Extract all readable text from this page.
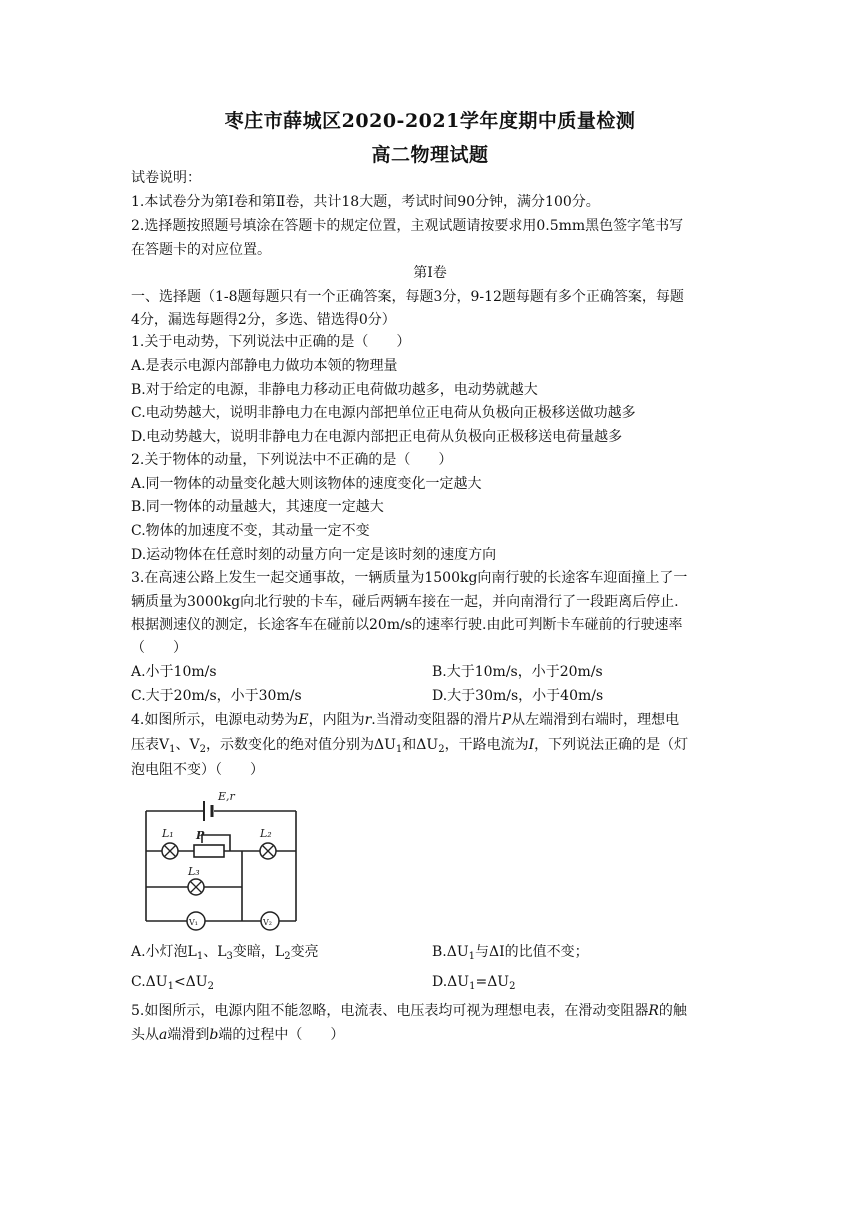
枣庄市薛城区2020-2021学年度期中质量检测
高二物理试题
试卷说明：
1.本试卷分为第Ⅰ卷和第Ⅱ卷，共计18大题，考试时间90分钟，满分100分。
2.选择题按照题号填涂在答题卡的规定位置，主观试题请按要求用0.5mm黑色签字笔书写
在答题卡的对应位置。
第Ⅰ卷
一、选择题（1-8题每题只有一个正确答案，每题3分，9-12题每题有多个正确答案，每题
4分，漏选每题得2分，多选、错选得0分）
1.关于电动势，下列说法中正确的是（　　）
A.是表示电源内部静电力做功本领的物理量
B.对于给定的电源，非静电力移动正电荷做功越多，电动势就越大
C.电动势越大，说明非静电力在电源内部把单位正电荷从负极向正极移送做功越多
D.电动势越大，说明非静电力在电源内部把正电荷从负极向正极移送电荷量越多
2.关于物体的动量，下列说法中不正确的是（　　）
A.同一物体的动量变化越大则该物体的速度变化一定越大
B.同一物体的动量越大，其速度一定越大
C.物体的加速度不变，其动量一定不变
D.运动物体在任意时刻的动量方向一定是该时刻的速度方向
3.在高速公路上发生一起交通事故，一辆质量为1500kg向南行驶的长途客车迎面撞上了一
辆质量为3000kg向北行驶的卡车，碰后两辆车接在一起，并向南滑行了一段距离后停止.
根据测速仪的测定，长途客车在碰前以20m/s的速率行驶.由此可判断卡车碰前的行驶速率
（　　）
A.小于10m/s	B.大于10m/s，小于20m/s
C.大于20m/s，小于30m/s	D.大于30m/s，小于40m/s
4.如图所示，电源电动势为E，内阻为r.当滑动变阻器的滑片P从左端滑到右端时，理想电
压表$V_1$、$V_2$，示数变化的绝对值分别为$\Delta U_1$和$\Delta U_2$，干路电流为I，下列说法正确的是（灯
泡电阻不变）（　　）
E,r
L₁	L₂
L₃
P
V₁	V₂
A.小灯泡$L_1$、$L_3$变暗，$L_2$变亮	$B.\Delta U_1$与ΔI的比值不变；
$C.\Delta U_1<\Delta U_2$	$D.\Delta U_1=\Delta U_2$
5.如图所示，电源内阻不能忽略，电流表、电压表均可视为理想电表，在滑动变阻器R的触
头从a端滑到b端的过程中（　　）
